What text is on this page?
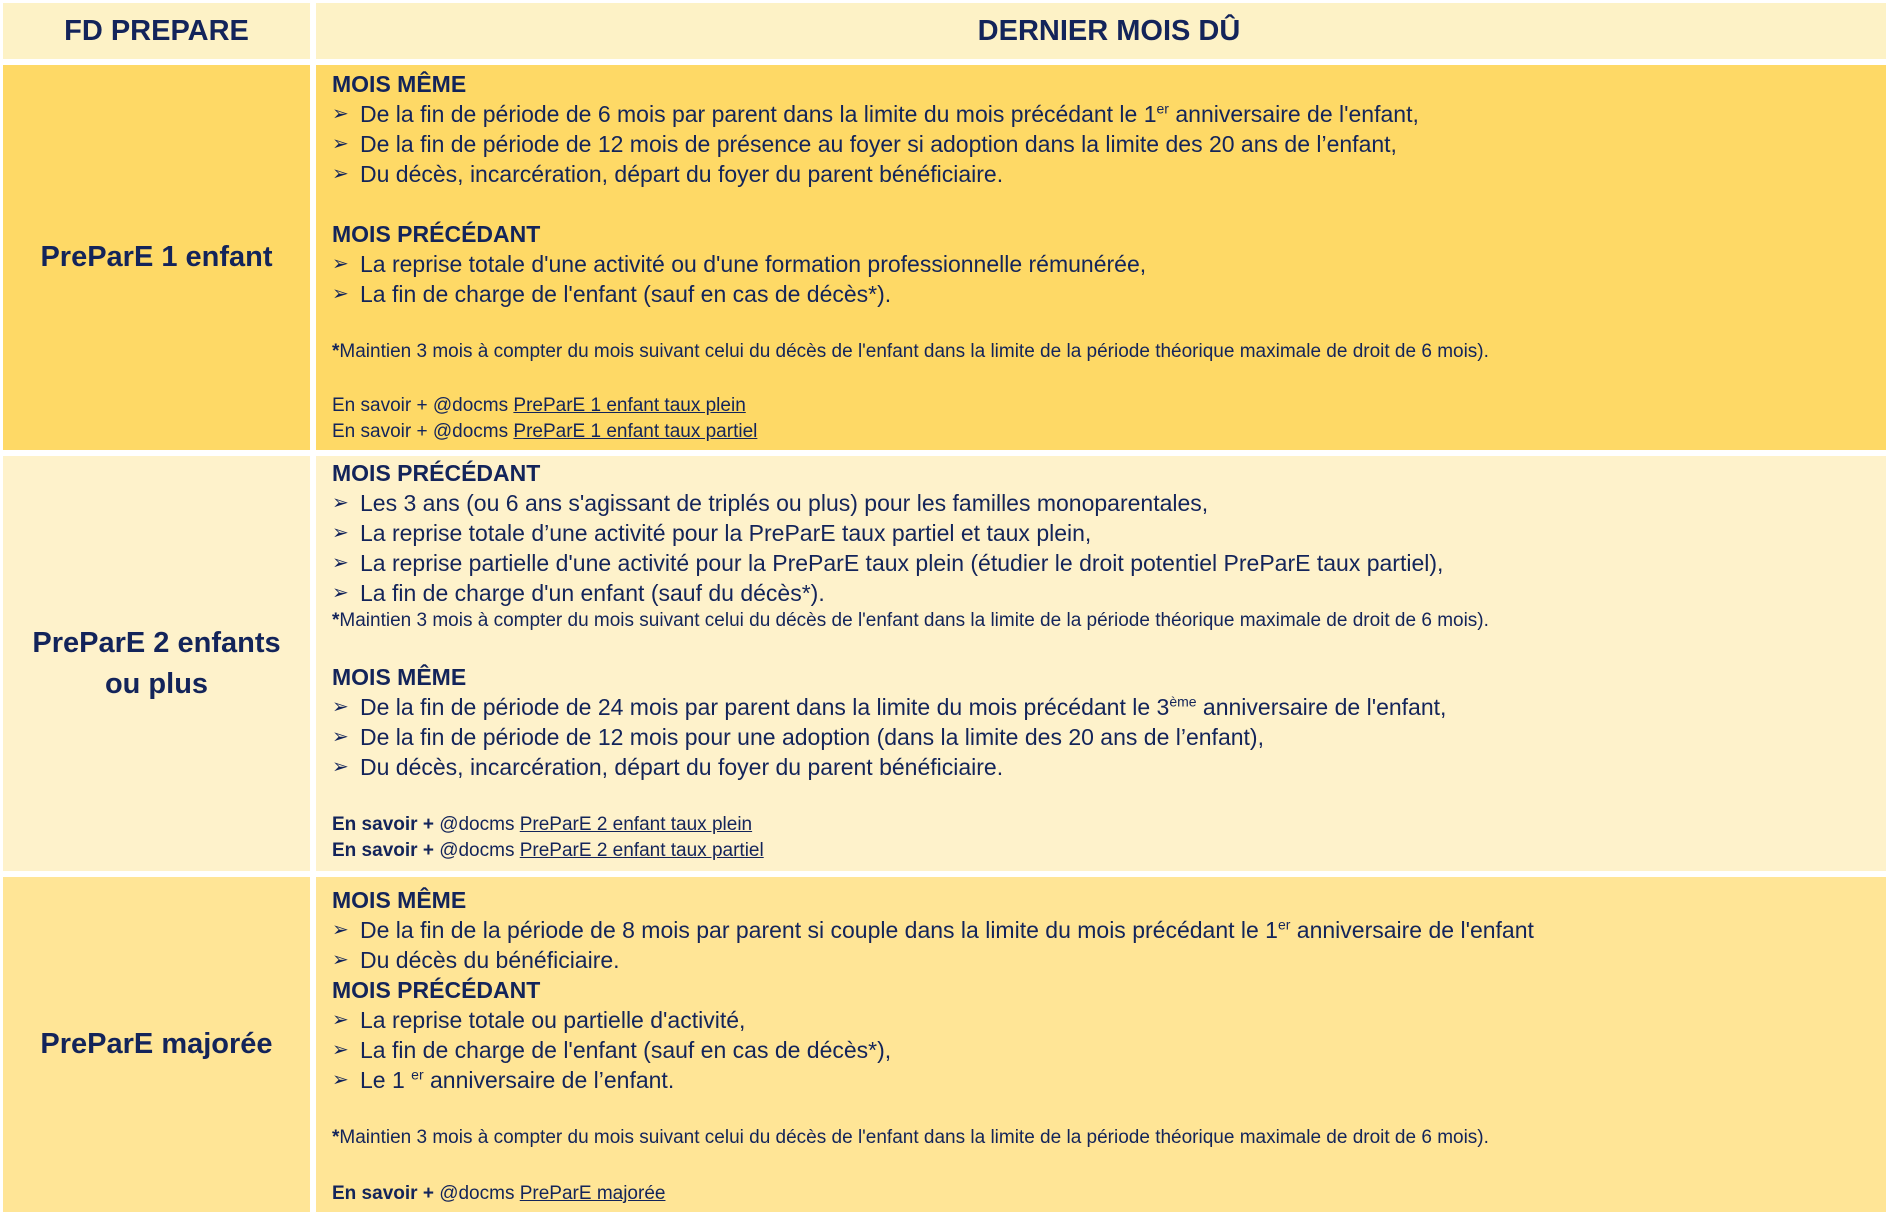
FD PREPARE	DERNIER MOIS DÛ
PreParE 1 enfant
MOIS MÊME
➢ De la fin de période de 6 mois par parent dans la limite du mois précédant le 1er anniversaire de l'enfant,
➢ De la fin de période de 12 mois de présence au foyer si adoption dans la limite des 20 ans de l’enfant,
➢ Du décès, incarcération, départ du foyer du parent bénéficiaire.
MOIS PRÉCÉDANT
➢ La reprise totale d'une activité ou d'une formation professionnelle rémunérée,
➢ La fin de charge de l'enfant (sauf en cas de décès*).
*Maintien 3 mois à compter du mois suivant celui du décès de l'enfant dans la limite de la période théorique maximale de droit de 6 mois).
En savoir + @docms PreParE 1 enfant taux plein
En savoir + @docms PreParE 1 enfant taux partiel
PreParE 2 enfants ou plus
MOIS PRÉCÉDANT
➢ Les 3 ans (ou 6 ans s'agissant de triplés ou plus) pour les familles monoparentales,
➢ La reprise totale d’une activité pour la PreParE taux partiel et taux plein,
➢ La reprise partielle d'une activité pour la PreParE taux plein (étudier le droit potentiel PreParE taux partiel),
➢ La fin de charge d'un enfant (sauf du décès*).
*Maintien 3 mois à compter du mois suivant celui du décès de l'enfant dans la limite de la période théorique maximale de droit de 6 mois).
MOIS MÊME
➢ De la fin de période de 24 mois par parent dans la limite du mois précédant le 3ème anniversaire de l'enfant,
➢ De la fin de période de 12 mois pour une adoption (dans la limite des 20 ans de l’enfant),
➢ Du décès, incarcération, départ du foyer du parent bénéficiaire.
En savoir + @docms PreParE 2 enfant taux plein
En savoir + @docms PreParE 2 enfant taux partiel
PreParE majorée
MOIS MÊME
➢ De la fin de la période de 8 mois par parent si couple dans la limite du mois précédant le 1er anniversaire de l'enfant
➢ Du décès du bénéficiaire.
MOIS PRÉCÉDANT
➢ La reprise totale ou partielle d'activité,
➢ La fin de charge de l'enfant (sauf en cas de décès*),
➢ Le 1 $^{er}$ anniversaire de l’enfant.
*Maintien 3 mois à compter du mois suivant celui du décès de l'enfant dans la limite de la période théorique maximale de droit de 6 mois).
En savoir + @docms PreParE majorée
